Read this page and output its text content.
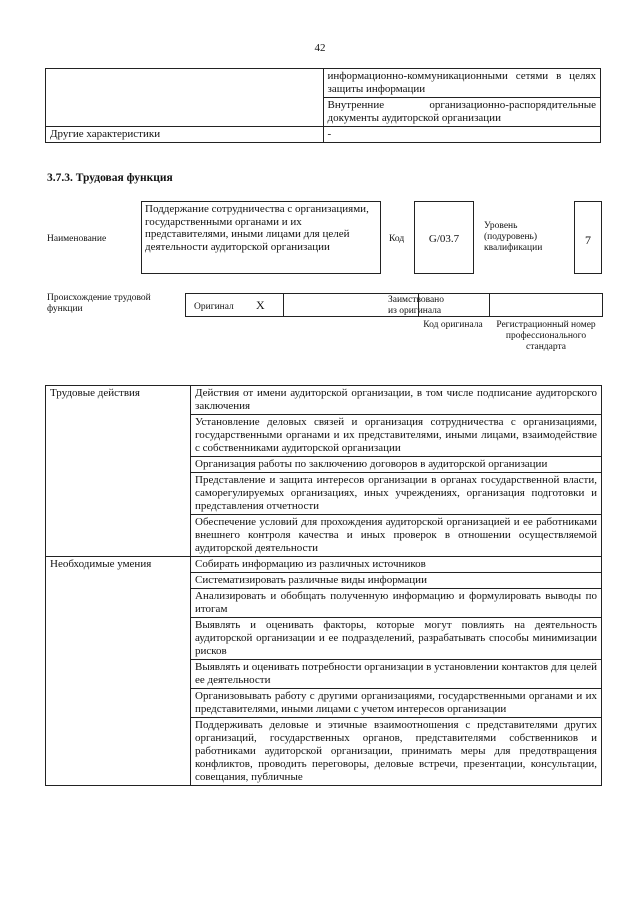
42
	информационно-коммуникационными сетями в целях защиты информации
	Внутренние организационно-распорядительные документы аудиторской организации
Другие характеристики	-
3.7.3. Трудовая функция
Наименование
Поддержание сотрудничества с организациями, государственными органами и их представителями, иными лицами для целей деятельности аудиторской организации
Код	G/03.7
Уровень (подуровень) квалификации
7
Происхождение трудовой функции	Оригинал X	Заимствовано из оригинала
Код оригинала	Регистрационный номер профессионального стандарта
Трудовые действия	Действия от имени аудиторской организации, в том числе подписание аудиторского заключения
	Установление деловых связей и организация сотрудничества с организациями, государственными органами и их представителями, иными лицами, взаимодействие с собственниками аудиторской организации
	Организация работы по заключению договоров в аудиторской организации
	Представление и защита интересов организации в органах государственной власти, саморегулируемых организациях, иных учреждениях, организация подготовки и представления отчетности
	Обеспечение условий для прохождения аудиторской организацией и ее работниками внешнего контроля качества и иных проверок в отношении осуществляемой аудиторской деятельности
Необходимые умения	Собирать информацию из различных источников
	Систематизировать различные виды информации
	Анализировать и обобщать полученную информацию и формулировать выводы по итогам
	Выявлять и оценивать факторы, которые могут повлиять на деятельность аудиторской организации и ее подразделений, разрабатывать способы минимизации рисков
	Выявлять и оценивать потребности организации в установлении контактов для целей ее деятельности
	Организовывать работу с другими организациями, государственными органами и их представителями, иными лицами с учетом интересов организации
	Поддерживать деловые и этичные взаимоотношения с представителями других организаций, государственных органов, представителями собственников и работниками аудиторской организации, принимать меры для предотвращения конфликтов, проводить переговоры, деловые встречи, презентации, консультации, совещания, публичные
